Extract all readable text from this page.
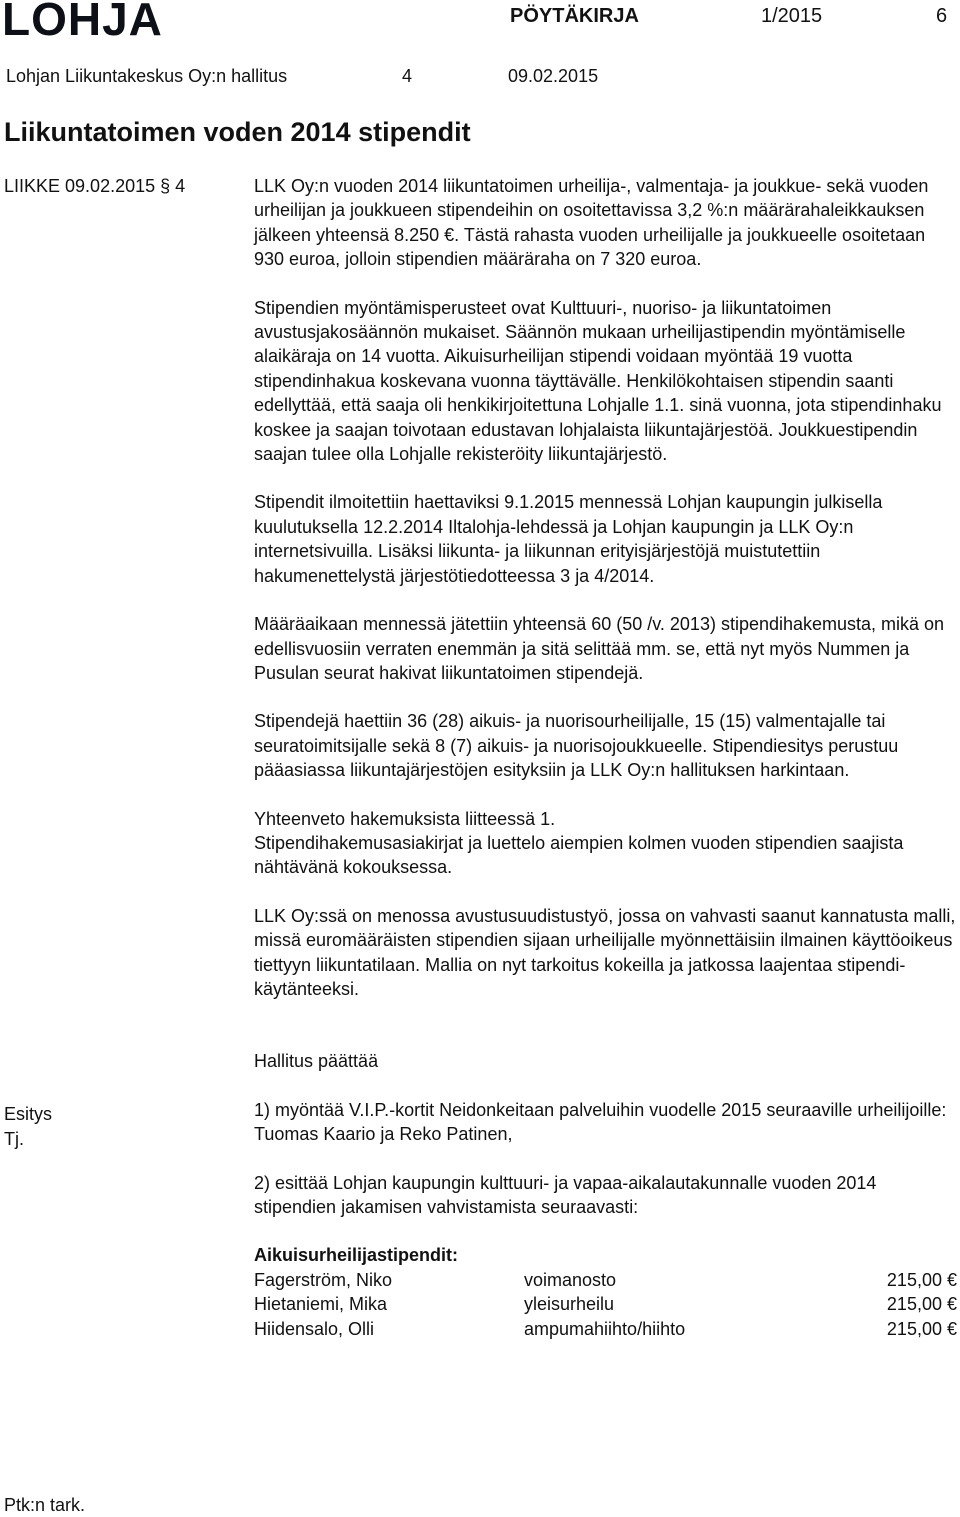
LOHJA	PÖYTÄKIRJA	1/2015	6
Lohjan Liikuntakeskus Oy:n hallitus	4	09.02.2015
Liikuntatoimen voden 2014 stipendit
LIIKKE 09.02.2015 § 4
Esitys
Tj.
Ptk:n tark.

LLK Oy:n vuoden 2014 liikuntatoimen urheilija-, valmentaja- ja joukkue- sekä vuoden urheilijan ja joukkueen stipendeihin on osoitettavissa 3,2 %:n määrärahaleikkauksen jälkeen yhteensä 8.250 €. Tästä rahasta vuoden urheilijalle ja joukkueelle osoitetaan 930 euroa, jolloin stipendien määräraha on 7 320 euroa.

Stipendien myöntämisperusteet ovat Kulttuuri-, nuoriso- ja liikuntatoimen avustusjakosäännön mukaiset. Säännön mukaan urheilijastipendin myöntämiselle alaikäraja on 14 vuotta. Aikuisurheilijan stipendi voidaan myöntää 19 vuotta stipendinhakua koskevana vuonna täyttävälle. Henkilökohtaisen stipendin saanti edellyttää, että saaja oli henkikirjoitettuna Lohjalle 1.1. sinä vuonna, jota stipendinhaku koskee ja saajan toivotaan edustavan lohjalaista liikuntajärjestöä. Joukkuestipendin saajan tulee olla Lohjalle rekisteröity liikuntajärjestö.

Stipendit ilmoitettiin haettaviksi 9.1.2015 mennessä Lohjan kaupungin julkisella kuulutuksella 12.2.2014 Iltalohja-lehdessä ja Lohjan kaupungin ja LLK Oy:n internetsivuilla. Lisäksi liikunta- ja liikunnan erityisjärjestöjä muistutettiin hakumenettelystä järjestötiedotteessa 3 ja 4/2014.

Määräaikaan mennessä jätettiin yhteensä 60 (50 /v. 2013) stipendihakemusta, mikä on edellisvuosiin verraten enemmän ja sitä selittää mm. se, että nyt myös Nummen ja Pusulan seurat hakivat liikuntatoimen stipendejä.

Stipendejä haettiin 36 (28) aikuis- ja nuorisourheilijalle, 15 (15) valmentajalle tai seuratoimitsijalle sekä 8 (7) aikuis- ja nuorisojoukkueelle. Stipendiesitys perustuu pääasiassa liikuntajärjestöjen esityksiin ja LLK Oy:n hallituksen harkintaan.

Yhteenveto hakemuksista liitteessä 1.

Stipendihakemusasiakirjat ja luettelo aiempien kolmen vuoden stipendien saajista nähtävänä kokouksessa.

LLK Oy:ssä on menossa avustusuudistustyö, jossa on vahvasti saanut kannatusta malli, missä euromääräisten stipendien sijaan urheilijalle myönnettäisiin ilmainen käyttöoikeus tiettyyn liikuntatilaan. Mallia on nyt tarkoitus kokeilla ja jatkossa laajentaa stipendi-käytänteeksi.

Hallitus päättää

1) myöntää V.I.P.-kortit Neidonkeitaan palveluihin vuodelle 2015 seuraaville urheilijoille: Tuomas Kaario ja Reko Patinen,

2) esittää Lohjan kaupungin kulttuuri- ja vapaa-aikalautakunnalle vuoden 2014 stipendien jakamisen vahvistamista seuraavasti:

Aikuisurheilijastipendit:
Fagerström, Niko	voimanosto	215,00 €
Hietaniemi, Mika	yleisurheilu	215,00 €
Hiidensalo, Olli	ampumahiihto/hiihto	215,00 €
